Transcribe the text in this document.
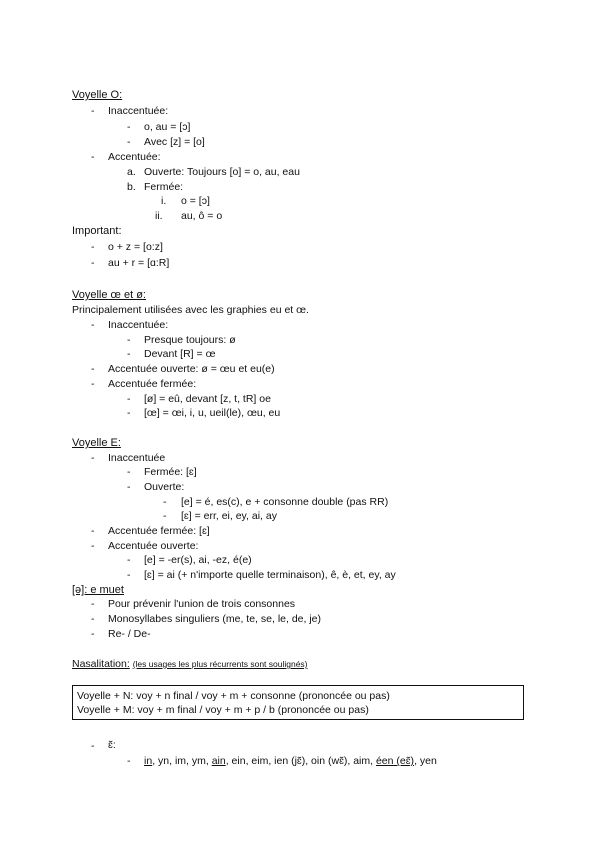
Voyelle O:
- Inaccentuée:
- o, au = [ɔ]
- Avec [z] = [o]
- Accentuée:
a. Ouverte: Toujours [o] = o, au, eau
b. Fermée:
i. o = [ɔ]
ii. au, ô = o
Important:
- o + z = [o:z]
- au + r = [ɑ:R]
Voyelle œ et ø:
Principalement utilisées avec les graphies eu et œ.
- Inaccentuée:
- Presque toujours: ø
- Devant [R] = œ
- Accentuée ouverte: ø = œu et eu(e)
- Accentuée fermée:
- [ø] = eû, devant [z, t, tR] oe
- [œ] = œi, i, u, ueil(le), œu, eu
Voyelle E:
- Inaccentuée
- Fermée: [ɛ]
- Ouverte:
- [e] = é, es(c), e + consonne double (pas RR)
- [ɛ] = err, ei, ey, ai, ay
- Accentuée fermée: [ɛ]
- Accentuée ouverte:
- [e] = -er(s), ai, -ez, é(e)
- [ɛ] = ai (+ n'importe quelle terminaison), ê, è, et, ey, ay
[ə]: e muet
- Pour prévenir l'union de trois consonnes
- Monosyllabes singuliers (me, te, se, le, de, je)
- Re- / De-
Nasalitation: (les usages les plus récurrents sont soulignés)
Voyelle + N: voy + n final / voy + m + consonne (prononcée ou pas)
Voyelle + M: voy + m final / voy + m + p / b (prononcée ou pas)
- ɛ̃:
- in, yn, im, ym, ain, ein, eim, ien (jɛ̃), oin (wɛ̃), aim, éen (eɛ̃), yen
